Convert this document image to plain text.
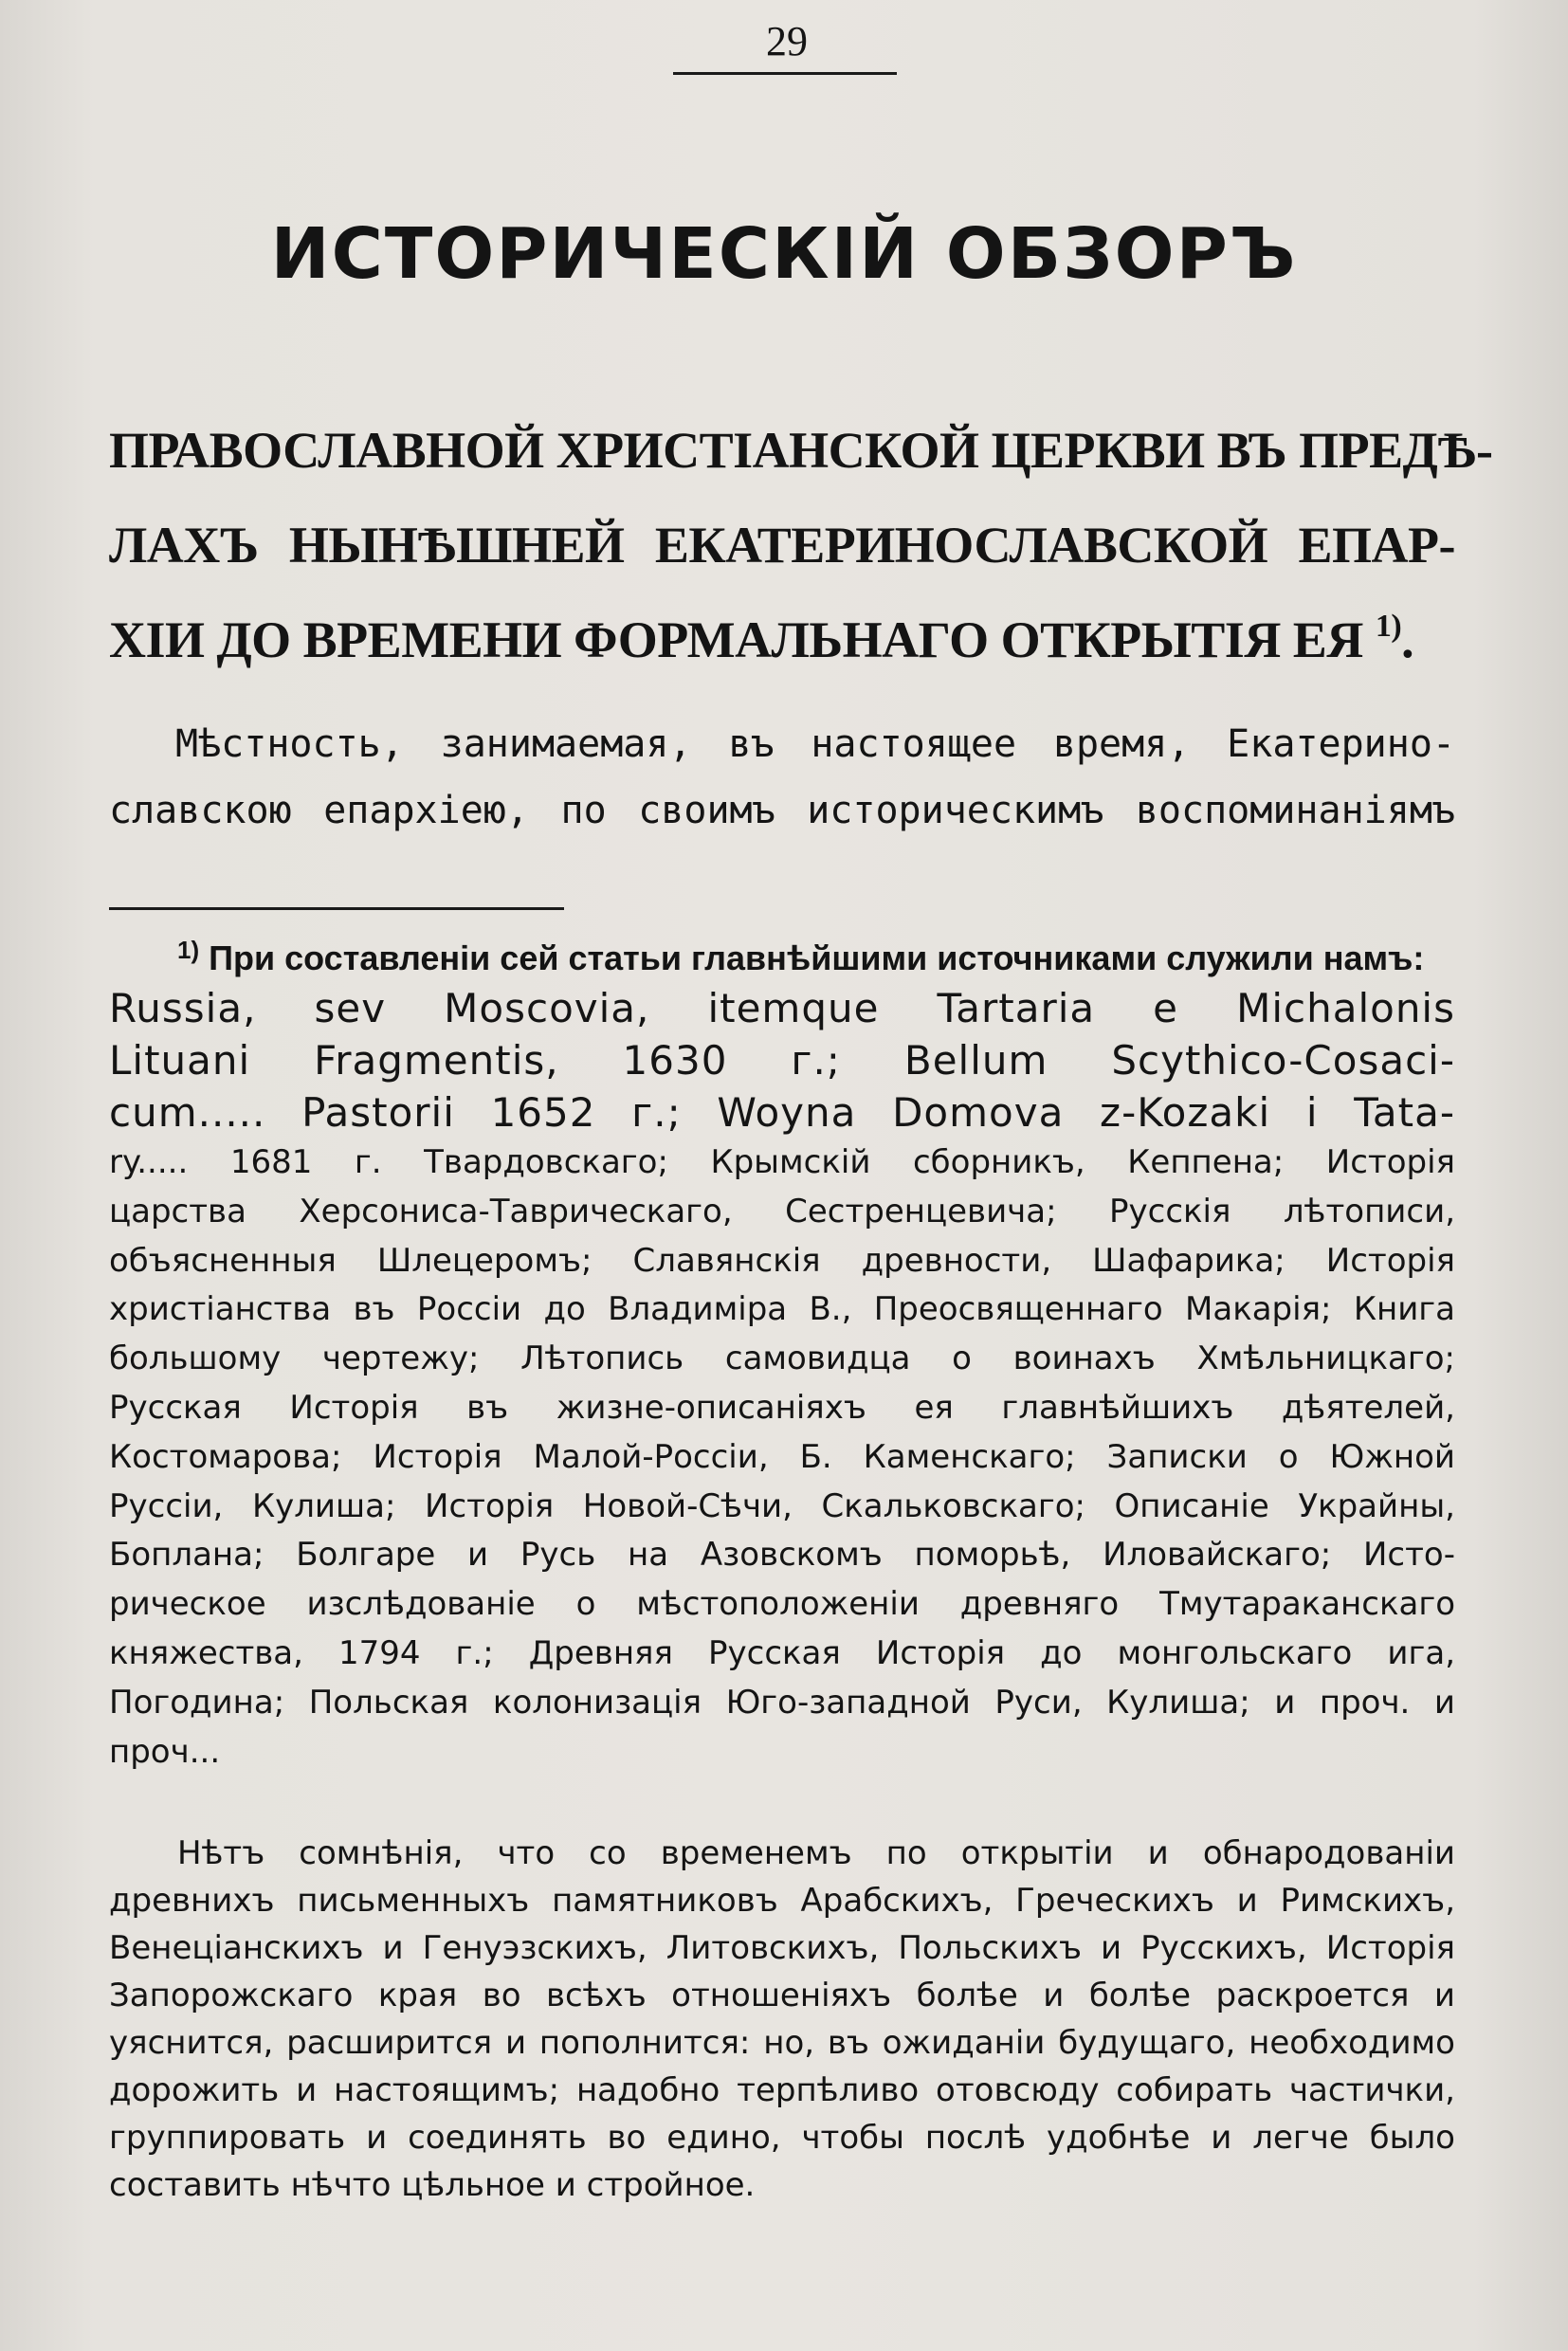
29
ИСТОРИЧЕСКІЙ ОБЗОРЪ
ПРАВОСЛАВНОЙ ХРИСТІАНСКОЙ ЦЕРКВИ ВЪ ПРЕДѢ-
ЛАХЪ НЫНѢШНЕЙ ЕКАТЕРИНОСЛАВСКОЙ ЕПАР-
ХІИ ДО ВРЕМЕНИ ФОРМАЛЬНАГО ОТКРЫТІЯ ЕЯ $^{1)}$.
Мѣстность, занимаемая, въ настоящее время, Екатерино-
славскою епархіею, по своимъ историческимъ воспоминаніямъ
$^{1)}$ При составленіи сей статьи главнѣйшими источниками служили намъ:
Russia, sev Moscovia, itemque Tartaria e Michalonis
Lituani Fragmentis, 1630 г.; Bellum Scythico-Cosaci-
cum..... Pastorii 1652 г.; Woyna Domova z-Kozaki i Tata-
ry..... 1681 г. Твардовскаго; Крымскій сборникъ, Кеппена; Исторія
царства Херсониса-Таврическаго, Сестренцевича; Русскія лѣтописи,
объясненныя Шлецеромъ; Славянскія древности, Шафарика; Исторія
христіанства въ Россіи до Владиміра В., Преосвященнаго Макарія; Книга
большому чертежу; Лѣтопись самовидца о воинахъ Хмѣльницкаго;
Русская Исторія въ жизне-описаніяхъ ея главнѣйшихъ дѣятелей,
Костомарова; Исторія Малой-Россіи, Б. Каменскаго; Записки о Южной
Руссіи, Кулиша; Исторія Новой-Сѣчи, Скальковскаго; Описаніе Украйны,
Боплана; Болгаре и Русь на Азовскомъ поморьѣ, Иловайскаго; Исто-
рическое изслѣдованіе о мѣстоположеніи древняго Тмутараканскаго
княжества, 1794 г.; Древняя Русская Исторія до монгольскаго ига,
Погодина; Польская колонизація Юго-западной Руси, Кулиша; и проч. и
проч...
Нѣтъ сомнѣнія, что со временемъ по открытіи и обнародованіи
древнихъ письменныхъ памятниковъ Арабскихъ, Греческихъ и Римскихъ,
Венеціанскихъ и Генуэзскихъ, Литовскихъ, Польскихъ и Русскихъ, Исторія
Запорожскаго края во всѣхъ отношеніяхъ болѣе и болѣе раскроется и
уяснится, расширится и пополнится: но, въ ожиданіи будущаго, необходимо
дорожить и настоящимъ; надобно терпѣливо отовсюду собирать частички,
группировать и соединять во едино, чтобы послѣ удобнѣе и легче было
составить нѣчто цѣльное и стройное.
